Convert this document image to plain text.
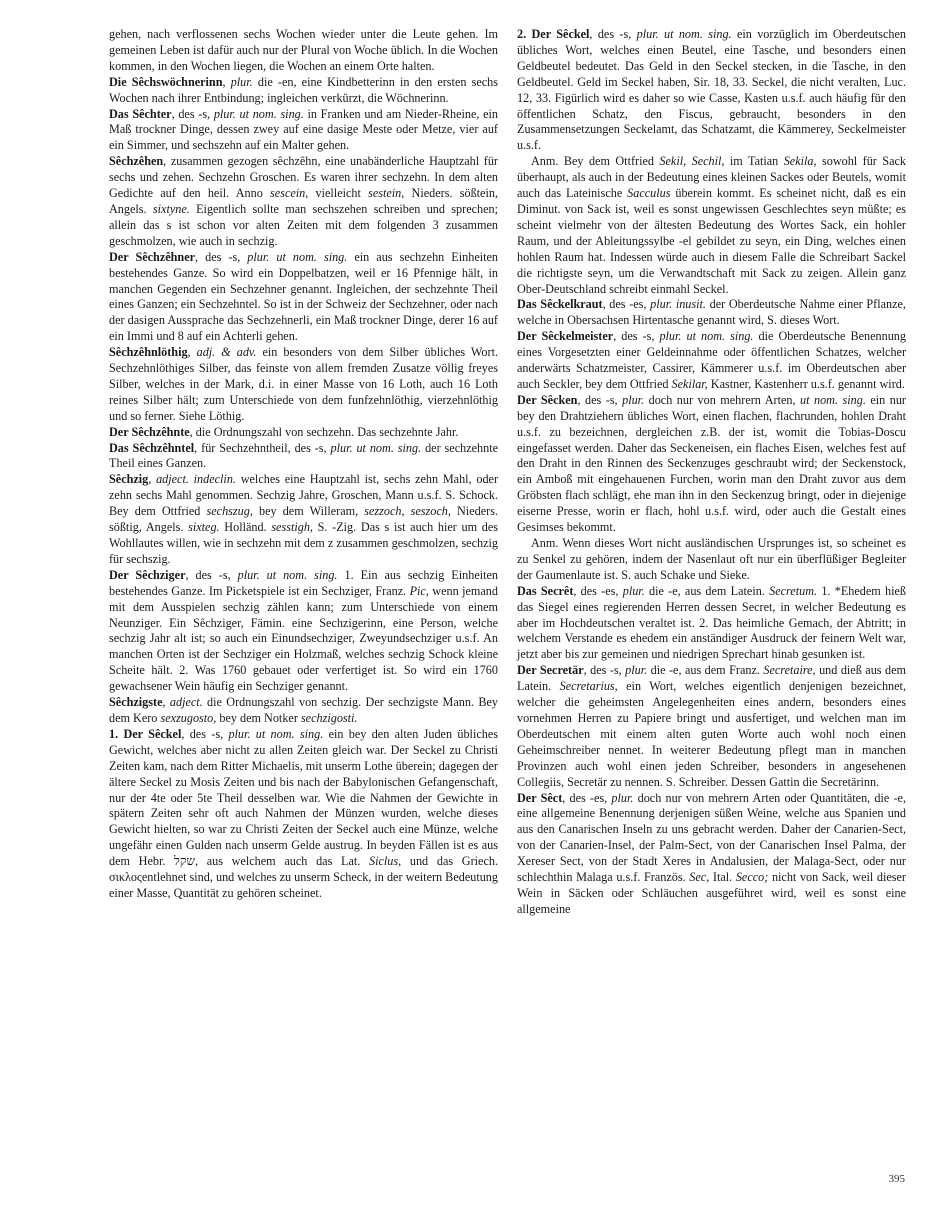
gehen, nach verflossenen sechs Wochen wieder unter die Leute gehen. Im gemeinen Leben ist dafür auch nur der Plural von Woche üblich. In die Wochen kommen, in den Wochen liegen, die Wochen an einem Orte halten.

Die Sêchswöchnerinn, plur. die -en, eine Kindbetterinn in den ersten sechs Wochen nach ihrer Entbindung; ingleichen verkürzt, die Wöchnerinn.

Das Sêchter, des -s, plur. ut nom. sing. in Franken und am Nieder-Rheine, ein Maß trockner Dinge, dessen zwey auf eine dasige Meste oder Metze, vier auf ein Simmer, und sechszehn auf ein Malter gehen.

Sêchzêhen, zusammen gezogen sêchzêhn, eine unabänderliche Hauptzahl für sechs und zehen. Sechzehn Groschen. Es waren ihrer sechzehn. In dem alten Gedichte auf den heil. Anno sescein, vielleicht sestein, Nieders. sößtein, Angels. sixtyne. Eigentlich sollte man sechszehen schreiben und sprechen; allein das s ist schon vor alten Zeiten mit dem folgenden 3 zusammen geschmolzen, wie auch in sechzig.

Der Sêchzêhner, des -s, plur. ut nom. sing. ein aus sechzehn Einheiten bestehendes Ganze. So wird ein Doppelbatzen, weil er 16 Pfennige hält, in manchen Gegenden ein Sechzehner genannt. Ingleichen, der sechzehnte Theil eines Ganzen; ein Sechzehntel. So ist in der Schweiz der Sechzehner, oder nach der dasigen Aussprache das Sechzehnerli, ein Maß trockner Dinge, derer 16 auf ein Immi und 8 auf ein Achterli gehen.

Sêchzêhnlöthig, adj. & adv. ein besonders von dem Silber übliches Wort. Sechzehnlöthiges Silber, das feinste von allem fremden Zusatze völlig freyes Silber, welches in der Mark, d.i. in einer Masse von 16 Loth, auch 16 Loth reines Silber hält; zum Unterschiede von dem funfzehnlöthig, vierzehnlöthig und so ferner. Siehe Löthig.

Der Sêchzêhnte, die Ordnungszahl von sechzehn. Das sechzehnte Jahr.

Das Sêchzêhntel, für Sechzehntheil, des -s, plur. ut nom. sing. der sechzehnte Theil eines Ganzen.

Sêchzig, adject. indeclin. welches eine Hauptzahl ist, sechs zehn Mahl, oder zehn sechs Mahl genommen. Sechzig Jahre, Groschen, Mann u.s.f. S. Schock. Bey dem Ottfried sechszug, bey dem Willeram, sezzoch, seszoch, Nieders. sößtig, Angels. sixteg. Holländ. sesstigh, S. -Zig. Das s ist auch hier um des Wohllautes willen, wie in sechzehn mit dem z zusammen geschmolzen, sechzig für sechszig.

Der Sêchziger, des -s, plur. ut nom. sing. 1. Ein aus sechzig Einheiten bestehendes Ganze. Im Picketspiele ist ein Sechziger, Franz. Pic, wenn jemand mit dem Ausspielen sechzig zählen kann; zum Unterschiede von einem Neunziger. Ein Sêchziger, Fämin. eine Sechzigerinn, eine Person, welche sechzig Jahr alt ist; so auch ein Einundsechziger, Zweyundsechziger u.s.f. An manchen Orten ist der Sechziger ein Holzmaß, welches sechzig Schock kleine Scheite hält. 2. Was 1760 gebauet oder verfertiget ist. So wird ein 1760 gewachsener Wein häufig ein Sechziger genannt.

Sêchzigste, adject. die Ordnungszahl von sechzig. Der sechzigste Mann. Bey dem Kero sexzugosto, bey dem Notker sechzigosti.

1. Der Sêckel, des -s, plur. ut nom. sing. ein bey den alten Juden übliches Gewicht, welches aber nicht zu allen Zeiten gleich war. Der Seckel zu Christi Zeiten kam, nach dem Ritter Michaelis, mit unserm Lothe überein; dagegen der ältere Seckel zu Mosis Zeiten und bis nach der Babylonischen Gefangenschaft, nur der 4te oder 5te Theil desselben war. Wie die Nahmen der Gewichte in spätern Zeiten sehr oft auch Nahmen der Münzen wurden, welche dieses Gewicht hielten, so war zu Christi Zeiten der Seckel auch eine Münze, welche ungefähr einen Gulden nach unserm Gelde austrug. In beyden Fällen ist es aus dem Hebr. שקל, aus welchem auch das Lat. Siclus, und das Griech. σικλοςentlehnet sind, und welches zu unserm Scheck, in der weitern Bedeutung einer Masse, Quantität zu gehören scheinet.

2. Der Sêckel, des -s, plur. ut nom. sing. ein vorzüglich im Oberdeutschen übliches Wort, welches einen Beutel, eine Tasche, und besonders einen Geldbeutel bedeutet. Das Geld in den Seckel stecken, in die Tasche, in den Geldbeutel. Geld im Seckel haben, Sir. 18, 33. Seckel, die nicht veralten, Luc. 12, 33. Figürlich wird es daher so wie Casse, Kasten u.s.f. auch häufig für den öffentlichen Schatz, den Fiscus, gebraucht, besonders in den Zusammensetzungen Seckelamt, das Schatzamt, die Kämmerey, Seckelmeister u.s.f.

Anm. Bey dem Ottfried Sekil, Sechil, im Tatian Sekila, sowohl für Sack überhaupt, als auch in der Bedeutung eines kleinen Sackes oder Beutels, womit auch das Lateinische Sacculus überein kommt. Es scheinet nicht, daß es ein Diminut. von Sack ist, weil es sonst ungewissen Geschlechtes seyn müßte; es scheint vielmehr von der ältesten Bedeutung des Wortes Sack, ein hohler Raum, und der Ableitungssylbe -el gebildet zu seyn, ein Ding, welches einen hohlen Raum hat. Indessen würde auch in diesem Falle die Schreibart Sackel die richtigste seyn, um die Verwandtschaft mit Sack zu zeigen. Allein ganz Ober-Deutschland schreibt einmahl Seckel.

Das Sêckelkraut, des -es, plur. inusit. der Oberdeutsche Nahme einer Pflanze, welche in Obersachsen Hirtentasche genannt wird, S. dieses Wort.

Der Sêckelmeister, des -s, plur. ut nom. sing. die Oberdeutsche Benennung eines Vorgesetzten einer Geldeinnahme oder öffentlichen Schatzes, welcher anderwärts Schatzmeister, Cassirer, Kämmerer u.s.f. im Oberdeutschen aber auch Seckler, bey dem Ottfried Sekilar, Kastner, Kastenherr u.s.f. genannt wird.

Der Sêcken, des -s, plur. doch nur von mehrern Arten, ut nom. sing. ein nur bey den Drahtziehern übliches Wort, einen flachen, flachrunden, hohlen Draht u.s.f. zu bezeichnen, dergleichen z.B. der ist, womit die Tobias-Doscu eingefasset werden. Daher das Seckeneisen, ein flaches Eisen, welches fest auf den Draht in den Rinnen des Seckenzuges geschraubt wird; der Seckenstock, ein Amboß mit eingehauenen Furchen, worin man den Draht zuvor aus dem Gröbsten flach schlägt, ehe man ihn in den Seckenzug bringt, oder in diejenige eiserne Presse, worin er flach, hohl u.s.f. wird, oder auch die Gestalt eines Gesimses bekommt.

Anm. Wenn dieses Wort nicht ausländischen Ursprunges ist, so scheinet es zu Senkel zu gehören, indem der Nasenlaut oft nur ein überflüßiger Begleiter der Gaumenlaute ist. S. auch Schake und Sieke.

Das Secrêt, des -es, plur. die -e, aus dem Latein. Secretum. 1. *Ehedem hieß das Siegel eines regierenden Herren dessen Secret, in welcher Bedeutung es aber im Hochdeutschen veraltet ist. 2. Das heimliche Gemach, der Abtritt; in welchem Verstande es ehedem ein anständiger Ausdruck der feinern Welt war, jetzt aber bis zur gemeinen und niedrigen Sprechart hinab gesunken ist.

Der Secretär, des -s, plur. die -e, aus dem Franz. Secretaire, und dieß aus dem Latein. Secretarius, ein Wort, welches eigentlich denjenigen bezeichnet, welcher die geheimsten Angelegenheiten eines andern, besonders eines vornehmen Herren zu Papiere bringt und ausfertiget, und welchen man im Oberdeutschen mit einem alten guten Worte auch wohl noch einen Geheimschreiber nennet. In weiterer Bedeutung pflegt man in manchen Provinzen auch wohl einen jeden Schreiber, besonders in angesehenen Collegiis, Secretär zu nennen. S. Schreiber. Dessen Gattin die Secretärinn.

Der Sêct, des -es, plur. doch nur von mehrern Arten oder Quantitäten, die -e, eine allgemeine Benennung derjenigen süßen Weine, welche aus Spanien und aus den Canarischen Inseln zu uns gebracht werden. Daher der Canarien-Sect, von der Canarien-Insel, der Palm-Sect, von der Canarischen Insel Palma, der Xereser Sect, von der Stadt Xeres in Andalusien, der Malaga-Sect, oder nur schlechthin Malaga u.s.f. Französ. Sec, Ital. Secco; nicht von Sack, weil dieser Wein in Säcken oder Schläuchen ausgeführet wird, weil es sonst eine allgemeine

395
